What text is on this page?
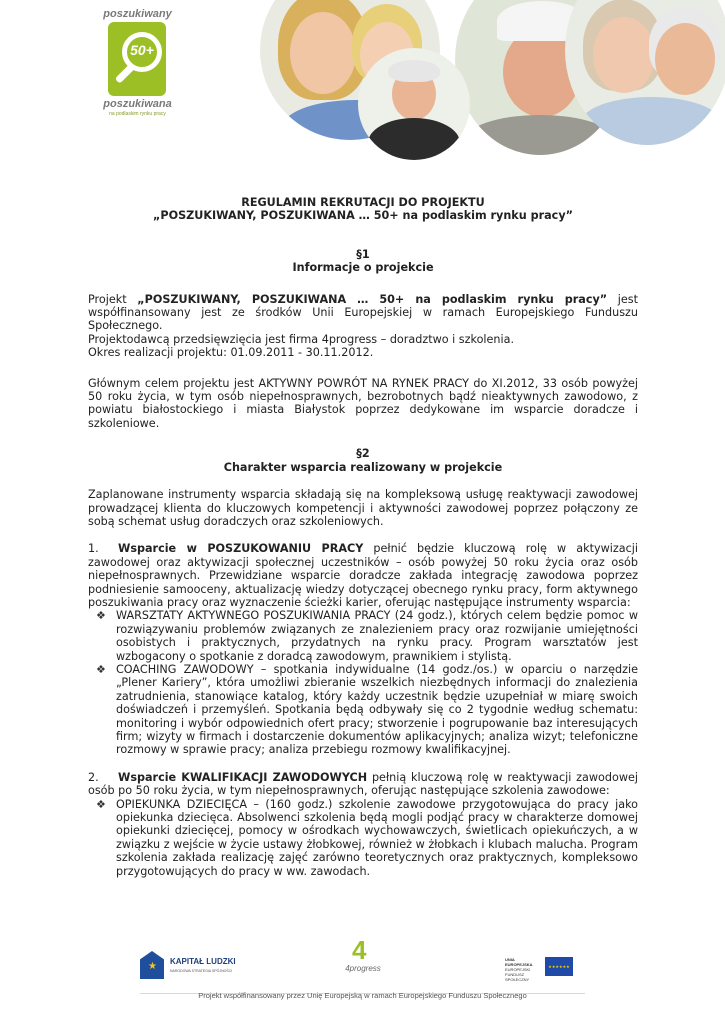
poszukiwany
50+
poszukiwana
na podlaskim rynku pracy
REGULAMIN REKRUTACJI DO PROJEKTU
„POSZUKIWANY, POSZUKIWANA … 50+ na podlaskim rynku pracy”
§1
Informacje o projekcie

Projekt „POSZUKIWANY, POSZUKIWANA … 50+ na podlaskim rynku pracy” jest współfinansowany jest ze środków Unii Europejskiej w ramach Europejskiego Funduszu Społecznego.

Projektodawcą przedsięwzięcia jest firma 4progress – doradztwo i szkolenia.

Okres realizacji projektu: 01.09.2011 - 30.11.2012.

Głównym celem projektu jest AKTYWNY POWRÓT NA RYNEK PRACY do XI.2012, 33 osób powyżej 50 roku życia, w tym osób niepełnosprawnych, bezrobotnych bądź nieaktywnych zawodowo, z powiatu białostockiego i miasta Białystok poprzez dedykowane im wsparcie doradcze i szkoleniowe.

§2
Charakter wsparcia realizowany w projekcie

Zaplanowane instrumenty wsparcia składają się na kompleksową usługę reaktywacji zawodowej prowadzącej klienta do kluczowych kompetencji i aktywności zawodowej poprzez połączony ze sobą schemat usług doradczych oraz szkoleniowych.

1. Wsparcie w POSZUKOWANIU PRACY pełnić będzie kluczową rolę w aktywizacji zawodowej oraz aktywizacji społecznej uczestników – osób powyżej 50 roku życia oraz osób niepełnosprawnych. Przewidziane wsparcie doradcze zakłada integrację zawodowa poprzez podniesienie samooceny, aktualizację wiedzy dotyczącej obecnego rynku pracy, form aktywnego poszukiwania pracy oraz wyznaczenie ścieżki karier, oferując następujące instrumenty wsparcia:

❖ WARSZTATY AKTYWNEGO POSZUKIWANIA PRACY (24 godz.), których celem będzie pomoc w rozwiązywaniu problemów związanych ze znalezieniem pracy oraz rozwijanie umiejętności osobistych i praktycznych, przydatnych na rynku pracy. Program warsztatów jest wzbogacony o spotkanie z doradcą zawodowym, prawnikiem i stylistą.
❖ COACHING ZAWODOWY – spotkania indywidualne (14 godz./os.) w oparciu o narzędzie „Plener Kariery”, która umożliwi zbieranie wszelkich niezbędnych informacji do znalezienia zatrudnienia, stanowiące katalog, który każdy uczestnik będzie uzupełniał w miarę swoich doświadczeń i przemyśleń. Spotkania będą odbywały się co 2 tygodnie według schematu: monitoring i wybór odpowiednich ofert pracy; stworzenie i pogrupowanie baz interesujących firm; wizyty w firmach i dostarczenie dokumentów aplikacyjnych; analiza wizyt; telefoniczne rozmowy w sprawie pracy; analiza przebiegu rozmowy kwalifikacyjnej.

2. Wsparcie KWALIFIKACJI ZAWODOWYCH pełnią kluczową rolę w reaktywacji zawodowej osób po 50 roku życia, w tym niepełnosprawnych, oferując następujące szkolenia zawodowe:

❖ OPIEKUNKA DZIECIĘCA – (160 godz.) szkolenie zawodowe przygotowująca do pracy jako opiekunka dziecięca. Absolwenci szkolenia będą mogli podjąć pracy w charakterze domowej opiekunki dziecięcej, pomocy w ośrodkach wychowawczych, świetlicach opiekuńczych, a w związku z wejście w życie ustawy żłobkowej, również w żłobkach i klubach malucha. Program szkolenia zakłada realizację zajęć zarówno teoretycznych oraz praktycznych, kompleksowo przygotowujących do pracy w ww. zawodach.
★ KAPITAŁ LUDZKI
NARODOWA STRATEGIA SPÓJNOŚCI
4
4progress
UNIA EUROPEJSKA
EUROPEJSKI
FUNDUSZ SPOŁECZNY
★★★★★★
Projekt współfinansowany przez Unię Europejską w ramach Europejskiego Funduszu Społecznego
